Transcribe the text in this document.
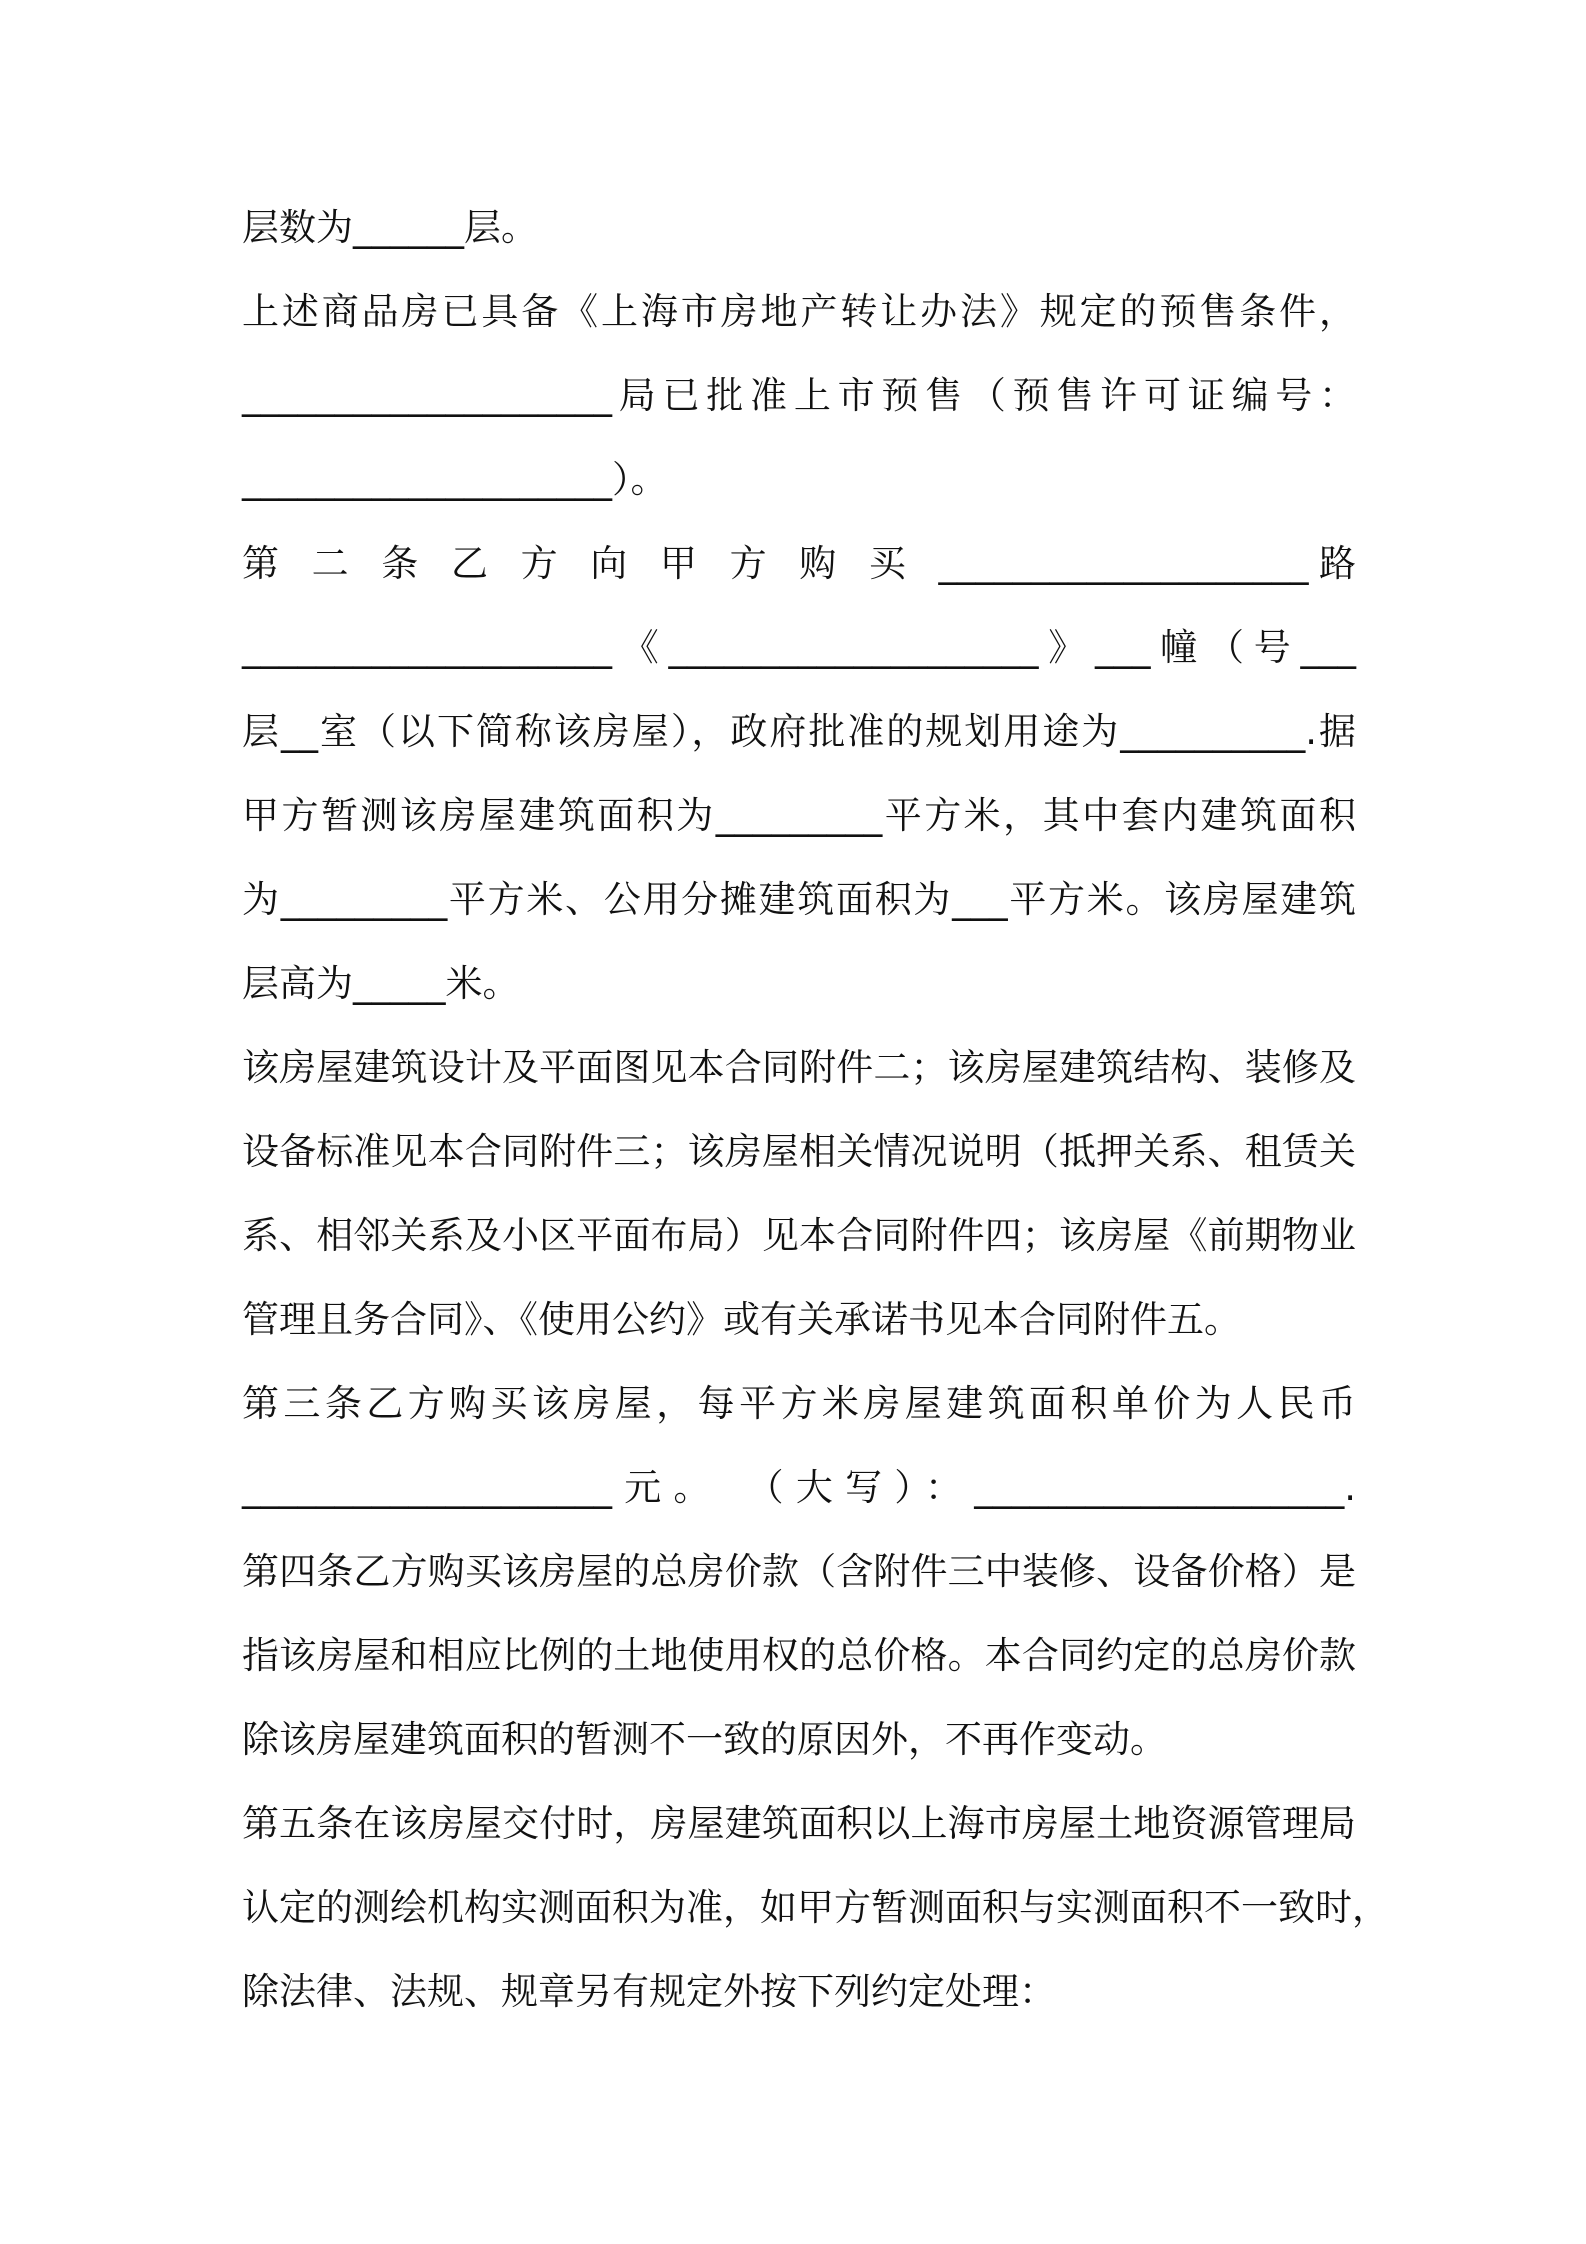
层数为______层。
上述商品房已具备《上海市房地产转让办法》规定的预售条件，
____________________局已批准上市预售（预售许可证编号：
____________________）。
第 二 条 乙 方 向 甲 方 购 买 ____________________路
____________________《____________________》___幢（号___
层__室（以下简称该房屋），政府批准的规划用途为__________.据
甲方暂测该房屋建筑面积为_________平方米，其中套内建筑面积
为_________平方米、公用分摊建筑面积为___平方米。该房屋建筑
层高为_____米。
该房屋建筑设计及平面图见本合同附件二；该房屋建筑结构、装修及
设备标准见本合同附件三；该房屋相关情况说明（抵押关系、租赁关
系、相邻关系及小区平面布局）见本合同附件四；该房屋《前期物业
管理且务合同》、《使用公约》或有关承诺书见本合同附件五。
第三条乙方购买该房屋，每平方米房屋建筑面积单价为人民币
____________________元。 （大写）：____________________.
第四条乙方购买该房屋的总房价款（含附件三中装修、设备价格）是
指该房屋和相应比例的土地使用权的总价格。本合同约定的总房价款
除该房屋建筑面积的暂测不一致的原因外，不再作变动。
第五条在该房屋交付时，房屋建筑面积以上海市房屋土地资源管理局
认定的测绘机构实测面积为准，如甲方暂测面积与实测面积不一致时，
除法律、法规、规章另有规定外按下列约定处理：
